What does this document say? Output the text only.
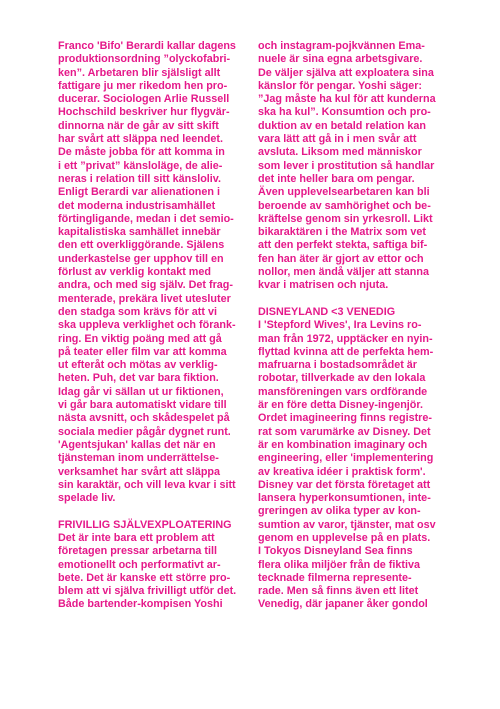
Franco 'Bifo' Berardi kallar dagens
produktionsordning ”olyckofabri-
ken”. Arbetaren blir själsligt allt
fattigare ju mer rikedom hen pro-
ducerar. Sociologen Arlie Russell
Hochschild beskriver hur flygvär-
dinnorna när de går av sitt skift
har svårt att släppa ned leendet.
De måste jobba för att komma in
i ett ”privat” känsloläge, de alie-
neras i relation till sitt känsloliv.
Enligt Berardi var alienationen i
det moderna industrisamhället
förtingligande, medan i det semio-
kapitalistiska samhället innebär
den ett overkliggörande. Själens
underkastelse ger upphov till en
förlust av verklig kontakt med
andra, och med sig själv. Det frag-
menterade, prekära livet utesluter
den stadga som krävs för att vi
ska uppleva verklighet och förank-
ring. En viktig poäng med att gå
på teater eller film var att komma
ut efteråt och mötas av verklig-
heten. Puh, det var bara fiktion.
Idag går vi sällan ut ur fiktionen,
vi går bara automatiskt vidare till
nästa avsnitt, och skådespelet på
sociala medier pågår dygnet runt.
'Agentsjukan' kallas det när en
tjänsteman inom underrättelse-
verksamhet har svårt att släppa
sin karaktär, och vill leva kvar i sitt
spelade liv.
FRIVILLIG SJÄLVEXPLOATERING
Det är inte bara ett problem att
företagen pressar arbetarna till
emotionellt och performativt ar-
bete. Det är kanske ett större pro-
blem att vi själva frivilligt utför det.
Både bartender-kompisen Yoshi
och instagram-pojkvännen Ema-
nuele är sina egna arbetsgivare.
De väljer själva att exploatera sina
känslor för pengar. Yoshi säger:
”Jag måste ha kul för att kunderna
ska ha kul”. Konsumtion och pro-
duktion av en betald relation kan
vara lätt att gå in i men svår att
avsluta. Liksom med människor
som lever i prostitution så handlar
det inte heller bara om pengar.
Även upplevelsearbetaren kan bli
beroende av samhörighet och be-
kräftelse genom sin yrkesroll. Likt
bikaraktären i the Matrix som vet
att den perfekt stekta, saftiga bif-
fen han äter är gjort av ettor och
nollor, men ändå väljer att stanna
kvar i matrisen och njuta.
DISNEYLAND <3 VENEDIG
I 'Stepford Wives', Ira Levins ro-
man från 1972, upptäcker en nyin-
flyttad kvinna att de perfekta hem-
mafruarna i bostadsområdet är
robotar, tillverkade av den lokala
mansföreningen vars ordförande
är en före detta Disney-ingenjör.
Ordet imagineering finns registre-
rat som varumärke av Disney. Det
är en kombination imaginary och
engineering, eller 'implementering
av kreativa idéer i praktisk form'.
Disney var det första företaget att
lansera hyperkonsumtionen, inte-
greringen av olika typer av kon-
sumtion av varor, tjänster, mat osv
genom en upplevelse på en plats.
I Tokyos Disneyland Sea finns
flera olika miljöer från de fiktiva
tecknade filmerna represente-
rade. Men så finns även ett litet
Venedig, där japaner åker gondol
